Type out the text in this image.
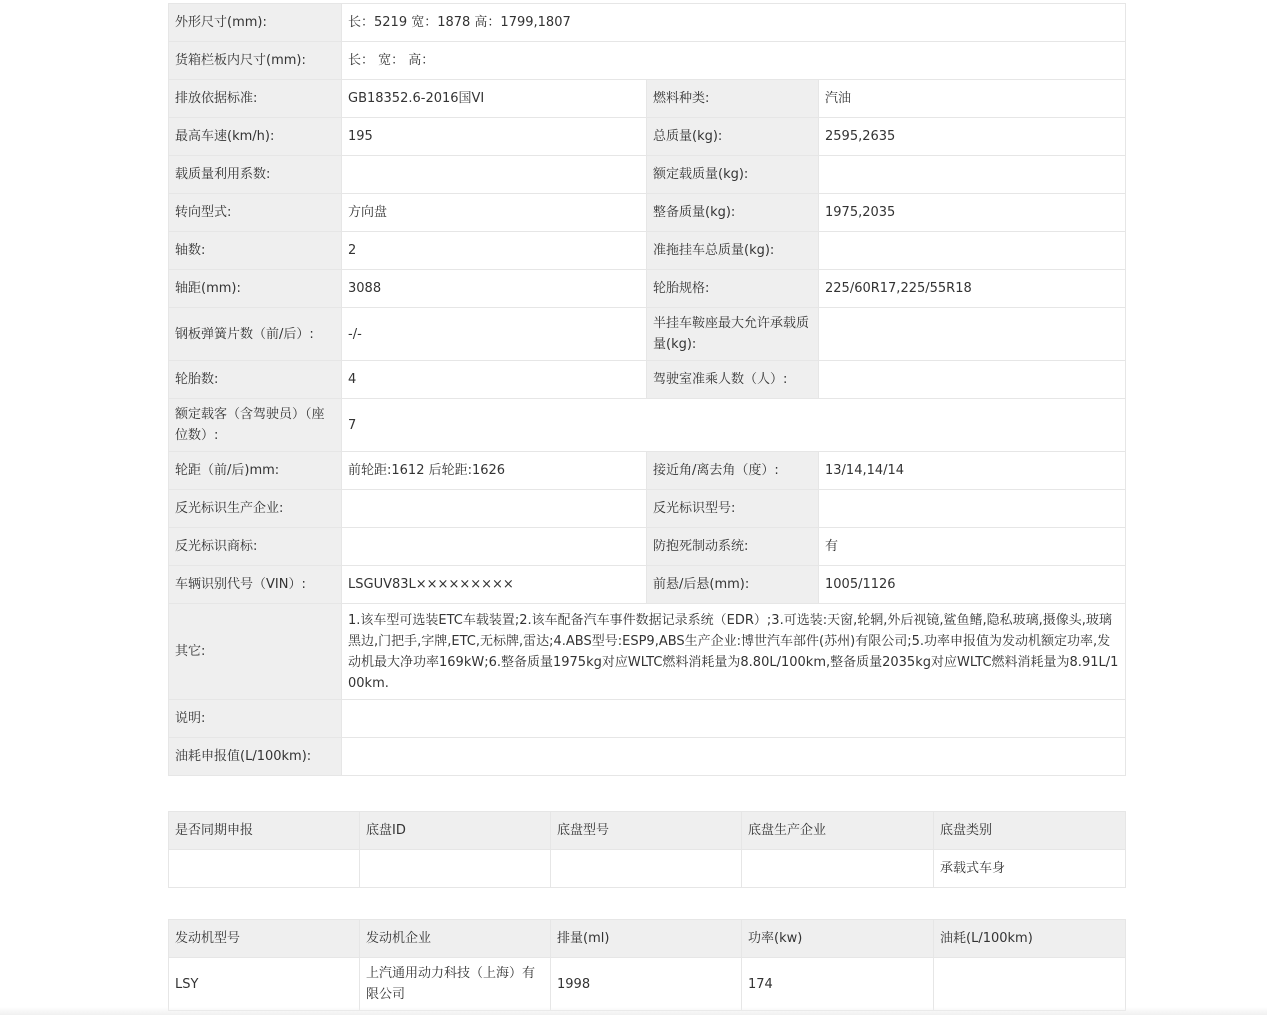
外形尺寸(mm):	长：5219 宽：1878 高：1799,1807		
货箱栏板内尺寸(mm):	长： 宽： 高：		
排放依据标准:	GB18352.6-2016国VI	燃料种类:	汽油
最高车速(km/h):	195	总质量(kg):	2595,2635
载质量利用系数:		额定载质量(kg):	
转向型式:	方向盘	整备质量(kg):	1975,2035
轴数:	2	准拖挂车总质量(kg):	
轴距(mm):	3088	轮胎规格:	225/60R17,225/55R18
钢板弹簧片数（前/后）:	-/-	半挂车鞍座最大允许承载质量(kg):	
轮胎数:	4	驾驶室准乘人数（人）:	
额定载客（含驾驶员）（座位数）:	7		
轮距（前/后)mm:	前轮距:1612 后轮距:1626	接近角/离去角（度）:	13/14,14/14
反光标识生产企业:		反光标识型号:	
反光标识商标:		防抱死制动系统:	有
车辆识别代号（VIN）:	LSGUV83L×××××××××	前悬/后悬(mm):	1005/1126
其它:	1.该车型可选装ETC车载装置;2.该车配备汽车事件数据记录系统（EDR）;3.可选装:天窗,轮辋,外后视镜,鲨鱼鳍,隐私玻璃,摄像头,玻璃黑边,门把手,字牌,ETC,无标牌,雷达;4.ABS型号:ESP9,ABS生产企业:博世汽车部件(苏州)有限公司;5.功率申报值为发动机额定功率,发动机最大净功率169kW;6.整备质量1975kg对应WLTC燃料消耗量为8.80L/100km,整备质量2035kg对应WLTC燃料消耗量为8.91L/100km.		
说明:			
油耗申报值(L/100km):			
是否同期申报	底盘ID	底盘型号	底盘生产企业	底盘类别
				承载式车身
发动机型号	发动机企业	排量(ml)	功率(kw)	油耗(L/100km)
LSY	上汽通用动力科技（上海）有限公司	1998	174	
